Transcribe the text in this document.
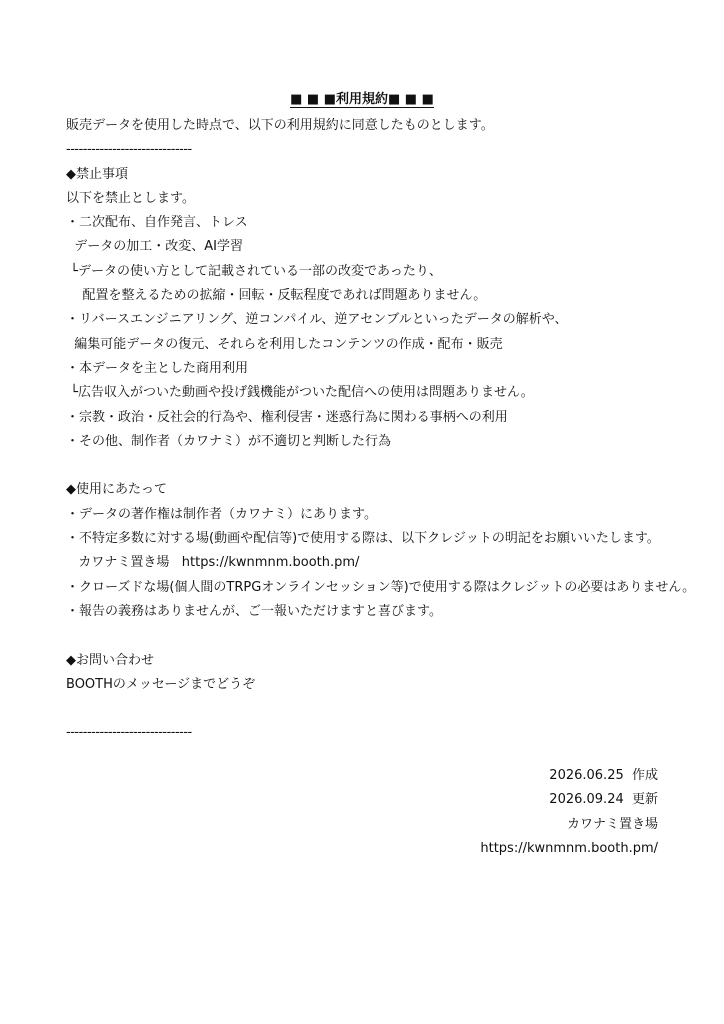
■ ■ ■利用規約■ ■ ■
販売データを使用した時点で、以下の利用規約に同意したものとします。
------------------------------
◆禁止事項
以下を禁止とします。
・二次配布、自作発言、トレス
データの加工・改変、AI学習
└データの使い方として記載されている一部の改変であったり、
配置を整えるための拡縮・回転・反転程度であれば問題ありません。
・リバースエンジニアリング、逆コンパイル、逆アセンブルといったデータの解析や、
編集可能データの復元、それらを利用したコンテンツの作成・配布・販売
・本データを主とした商用利用
└広告収入がついた動画や投げ銭機能がついた配信への使用は問題ありません。
・宗教・政治・反社会的行為や、権利侵害・迷惑行為に関わる事柄への利用
・その他、制作者（カワナミ）が不適切と判断した行為
◆使用にあたって
・データの著作権は制作者（カワナミ）にあります。
・不特定多数に対する場(動画や配信等)で使用する際は、以下クレジットの明記をお願いいたします。
カワナミ置き場   https://kwnmnm.booth.pm/
・クローズドな場(個人間のTRPGオンラインセッション等)で使用する際はクレジットの必要はありません。
・報告の義務はありませんが、ご一報いただけますと喜びます。
◆お問い合わせ
BOOTHのメッセージまでどうぞ
------------------------------
2026.06.25  作成
2026.09.24  更新
カワナミ置き場
https://kwnmnm.booth.pm/
